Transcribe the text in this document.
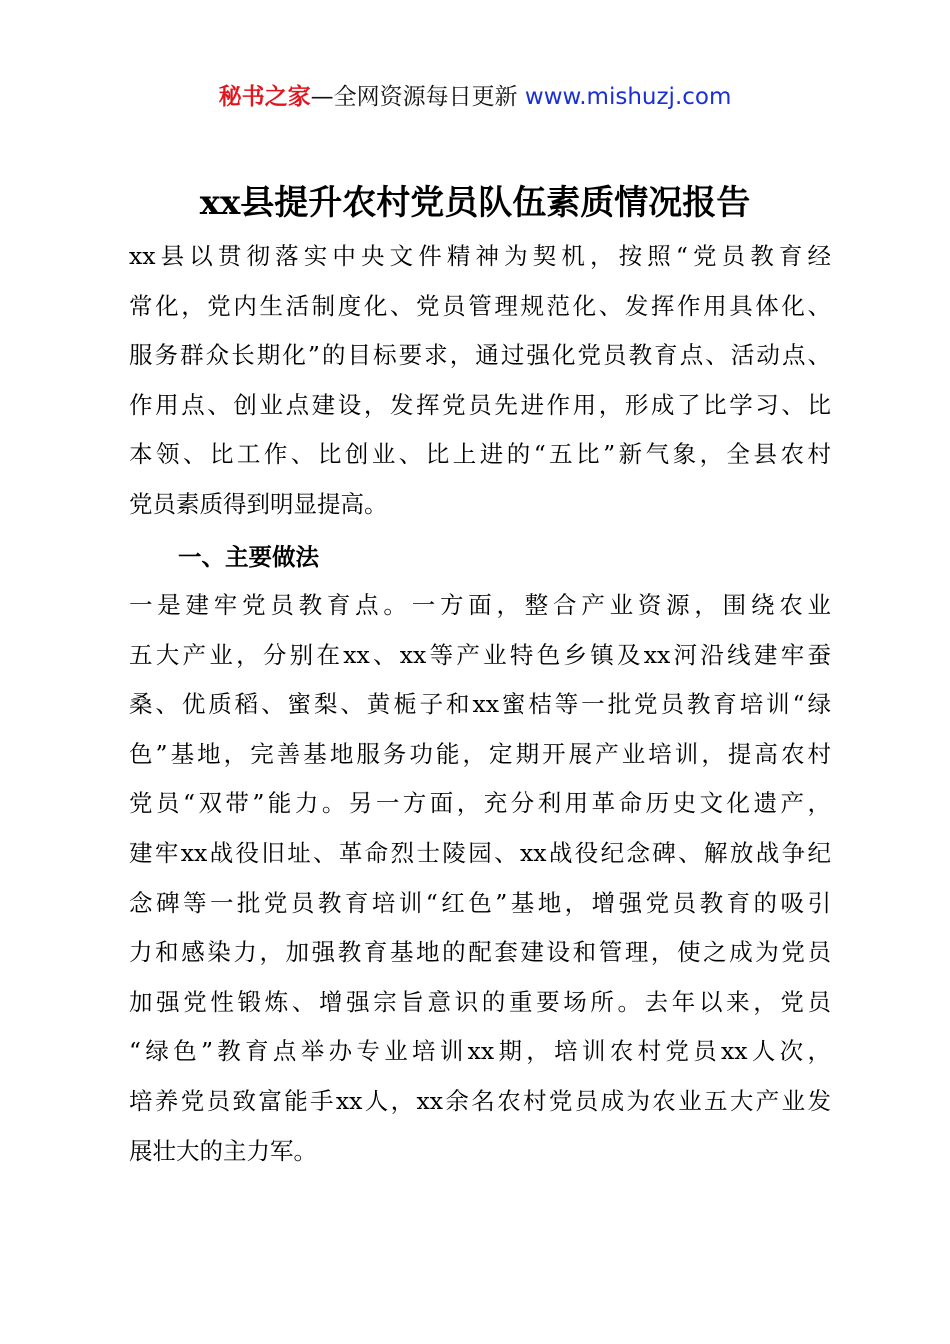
秘书之家—全网资源每日更新 www.mishuzj.com
xx县提升农村党员队伍素质情况报告
xx县以贯彻落实中央文件精神为契机，按照“党员教育经
常化，党内生活制度化、党员管理规范化、发挥作用具体化、
服务群众长期化”的目标要求，通过强化党员教育点、活动点、
作用点、创业点建设，发挥党员先进作用，形成了比学习、比
本领、比工作、比创业、比上进的“五比”新气象，全县农村
党员素质得到明显提高。
一、主要做法
一是建牢党员教育点。一方面，整合产业资源，围绕农业
五大产业，分别在xx、xx等产业特色乡镇及xx河沿线建牢蚕
桑、优质稻、蜜梨、黄栀子和xx蜜桔等一批党员教育培训“绿
色”基地，完善基地服务功能，定期开展产业培训，提高农村
党员“双带”能力。另一方面，充分利用革命历史文化遗产，
建牢xx战役旧址、革命烈士陵园、xx战役纪念碑、解放战争纪
念碑等一批党员教育培训“红色”基地，增强党员教育的吸引
力和感染力，加强教育基地的配套建设和管理，使之成为党员
加强党性锻炼、增强宗旨意识的重要场所。去年以来，党员
“绿色”教育点举办专业培训xx期，培训农村党员xx人次，
培养党员致富能手xx人，xx余名农村党员成为农业五大产业发
展壮大的主力军。
